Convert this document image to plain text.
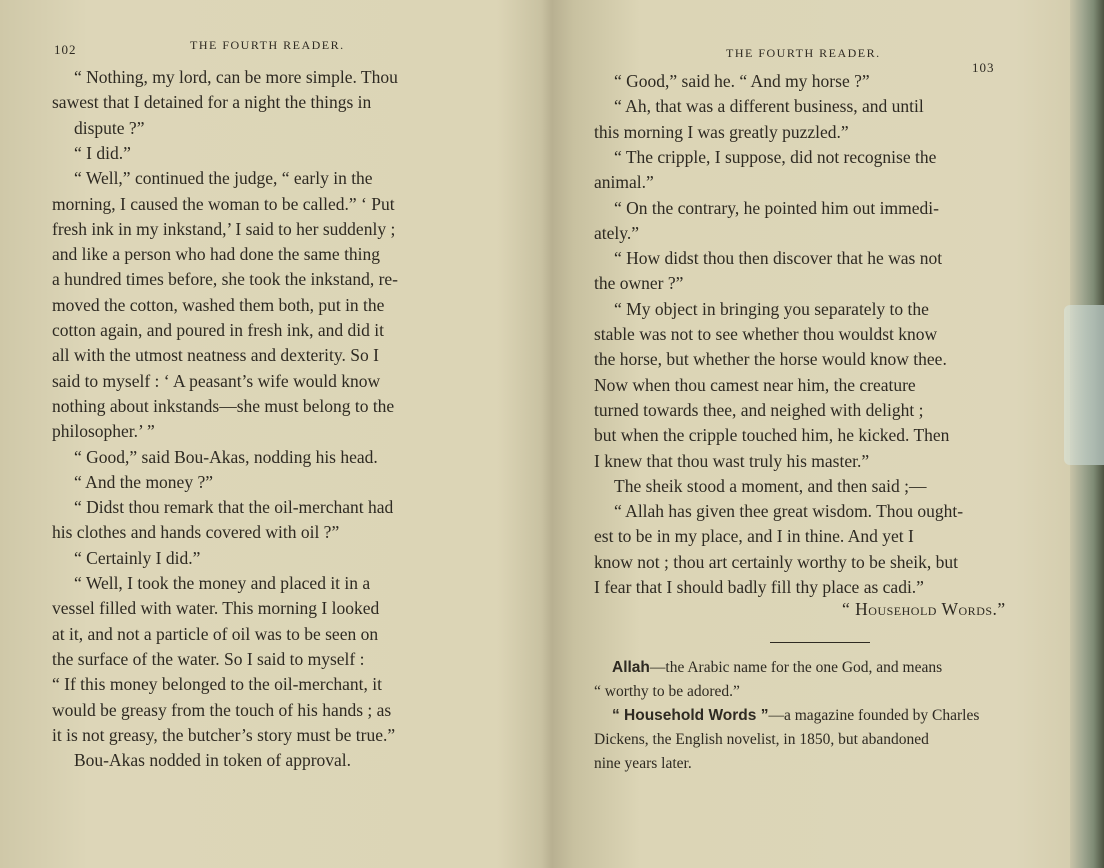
102	THE FOURTH READER.
“ Nothing, my lord, can be more simple. Thou
sawest that I detained for a night the things in
dispute ?”
“ I did.”
“ Well,” continued the judge, “ early in the
morning, I caused the woman to be called.” ‘ Put
fresh ink in my inkstand,’ I said to her suddenly ;
and like a person who had done the same thing
a hundred times before, she took the inkstand, re-
moved the cotton, washed them both, put in the
cotton again, and poured in fresh ink, and did it
all with the utmost neatness and dexterity. So I
said to myself : ‘ A peasant’s wife would know
nothing about inkstands—she must belong to the
philosopher.’ ”
“ Good,” said Bou-Akas, nodding his head.
“ And the money ?”
“ Didst thou remark that the oil-merchant had
his clothes and hands covered with oil ?”
“ Certainly I did.”
“ Well, I took the money and placed it in a
vessel filled with water. This morning I looked
at it, and not a particle of oil was to be seen on
the surface of the water. So I said to myself :
“ If this money belonged to the oil-merchant, it
would be greasy from the touch of his hands ; as
it is not greasy, the butcher’s story must be true.”
Bou-Akas nodded in token of approval.
THE FOURTH READER.
103
“ Good,” said he. “ And my horse ?”
“ Ah, that was a different business, and until
this morning I was greatly puzzled.”
“ The cripple, I suppose, did not recognise the
animal.”
“ On the contrary, he pointed him out immedi-
ately.”
“ How didst thou then discover that he was not
the owner ?”
“ My object in bringing you separately to the
stable was not to see whether thou wouldst know
the horse, but whether the horse would know thee.
Now when thou camest near him, the creature
turned towards thee, and neighed with delight ;
but when the cripple touched him, he kicked. Then
I knew that thou wast truly his master.”
The sheik stood a moment, and then said ;—
“ Allah has given thee great wisdom. Thou ought-
est to be in my place, and I in thine. And yet I
know not ; thou art certainly worthy to be sheik, but
I fear that I should badly fill thy place as cadi.”
“ Household Words.”
Allah—the Arabic name for the one God, and means
“ worthy to be adored.”
“ Household Words ”—a magazine founded by Charles
Dickens, the English novelist, in 1850, but abandoned
nine years later.
